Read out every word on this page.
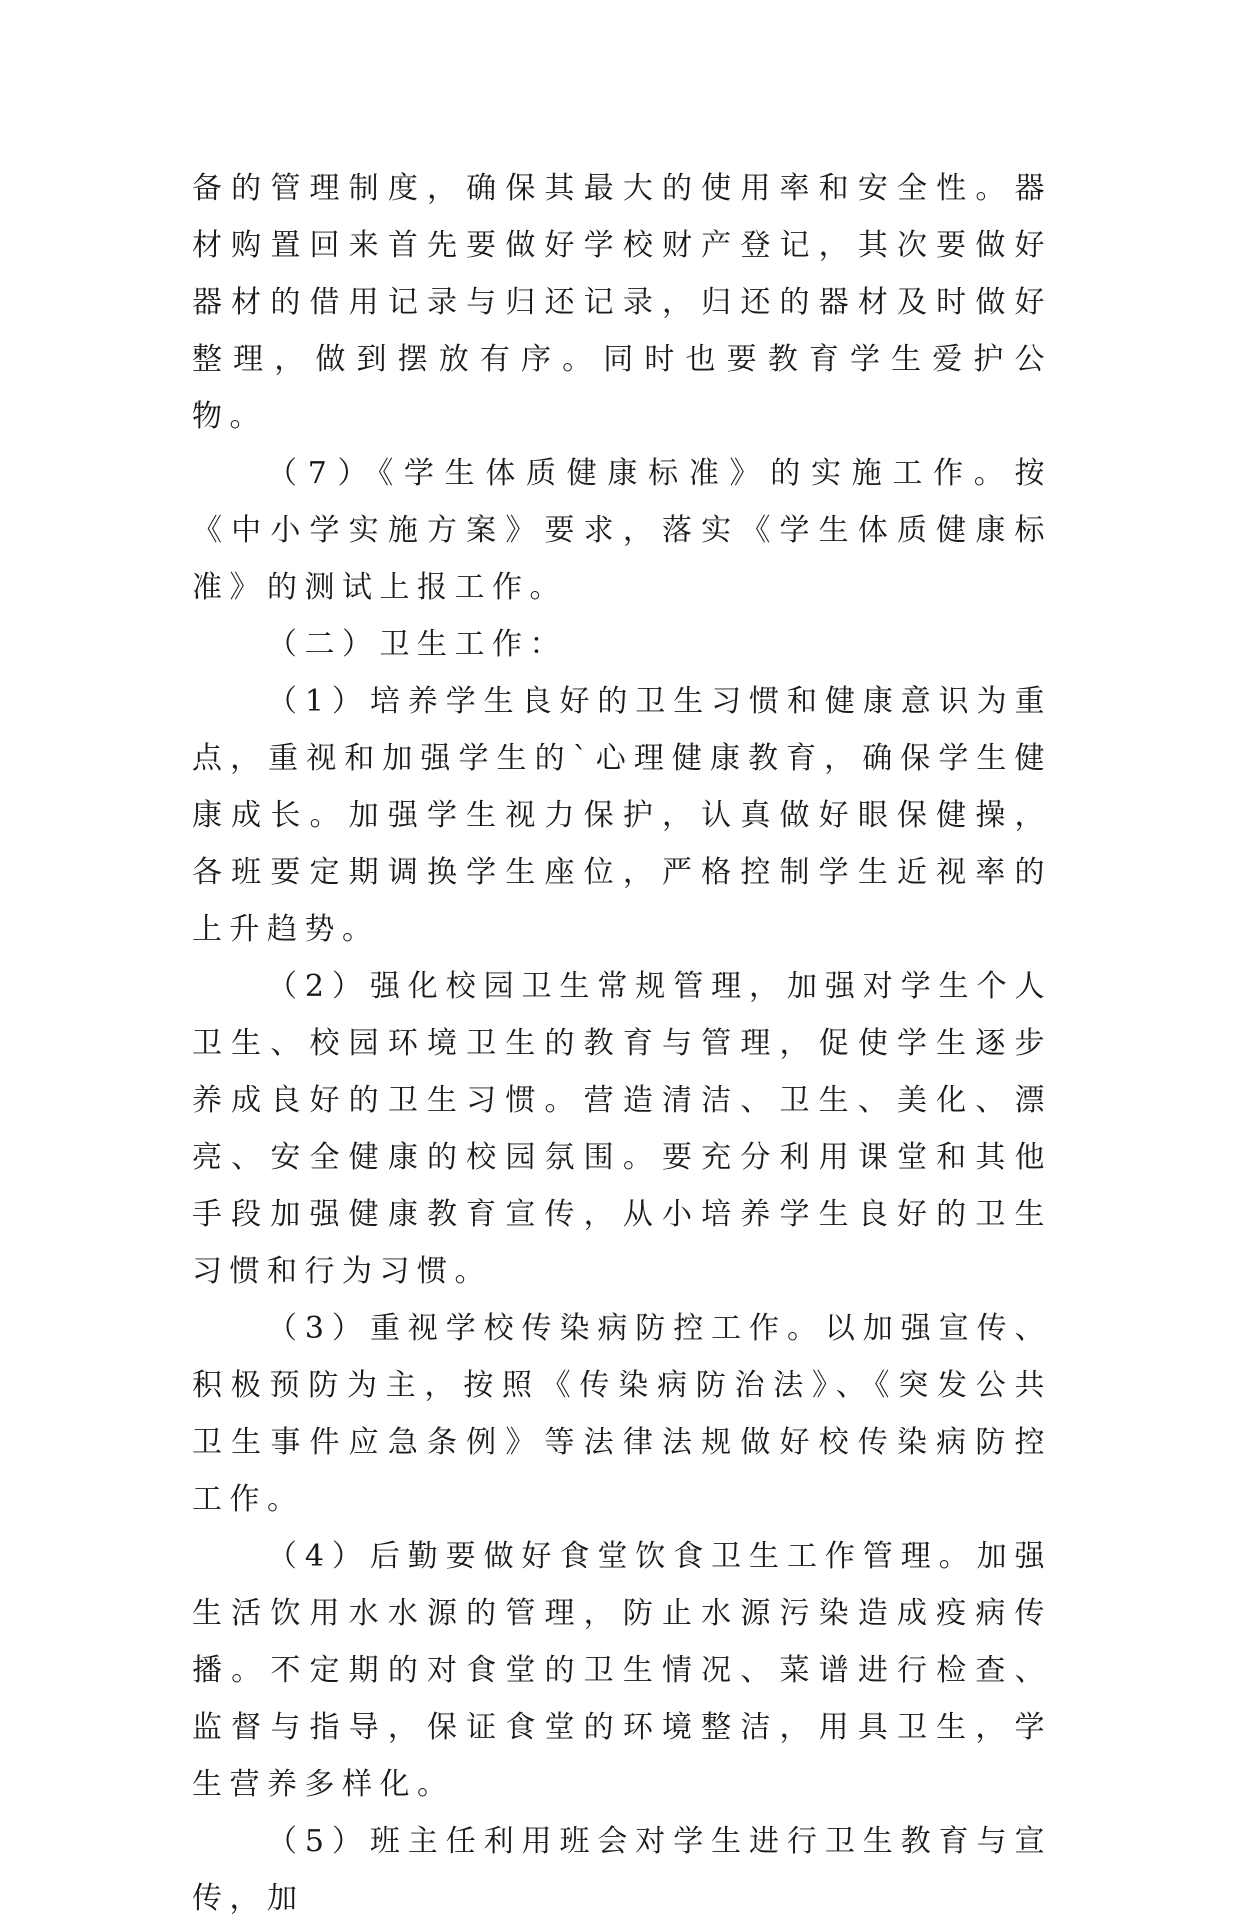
备的管理制度，确保其最大的使用率和安全性。器材购置回来首先要做好学校财产登记，其次要做好器材的借用记录与归还记录，归还的器材及时做好整理，做到摆放有序。同时也要教育学生爱护公物。

（7）《学生体质健康标准》的实施工作。按《中小学实施方案》要求，落实《学生体质健康标准》的测试上报工作。

（二）卫生工作：

（1）培养学生良好的卫生习惯和健康意识为重点，重视和加强学生的`心理健康教育，确保学生健康成长。加强学生视力保护，认真做好眼保健操，各班要定期调换学生座位，严格控制学生近视率的上升趋势。

（2）强化校园卫生常规管理，加强对学生个人卫生、校园环境卫生的教育与管理，促使学生逐步养成良好的卫生习惯。营造清洁、卫生、美化、漂亮、安全健康的校园氛围。要充分利用课堂和其他手段加强健康教育宣传，从小培养学生良好的卫生习惯和行为习惯。

（3）重视学校传染病防控工作。以加强宣传、积极预防为主，按照《传染病防治法》、《突发公共卫生事件应急条例》等法律法规做好校传染病防控工作。

（4）后勤要做好食堂饮食卫生工作管理。加强生活饮用水水源的管理，防止水源污染造成疫病传播。不定期的对食堂的卫生情况、菜谱进行检查、监督与指导，保证食堂的环境整洁，用具卫生，学生营养多样化。

（5）班主任利用班会对学生进行卫生教育与宣传，加
